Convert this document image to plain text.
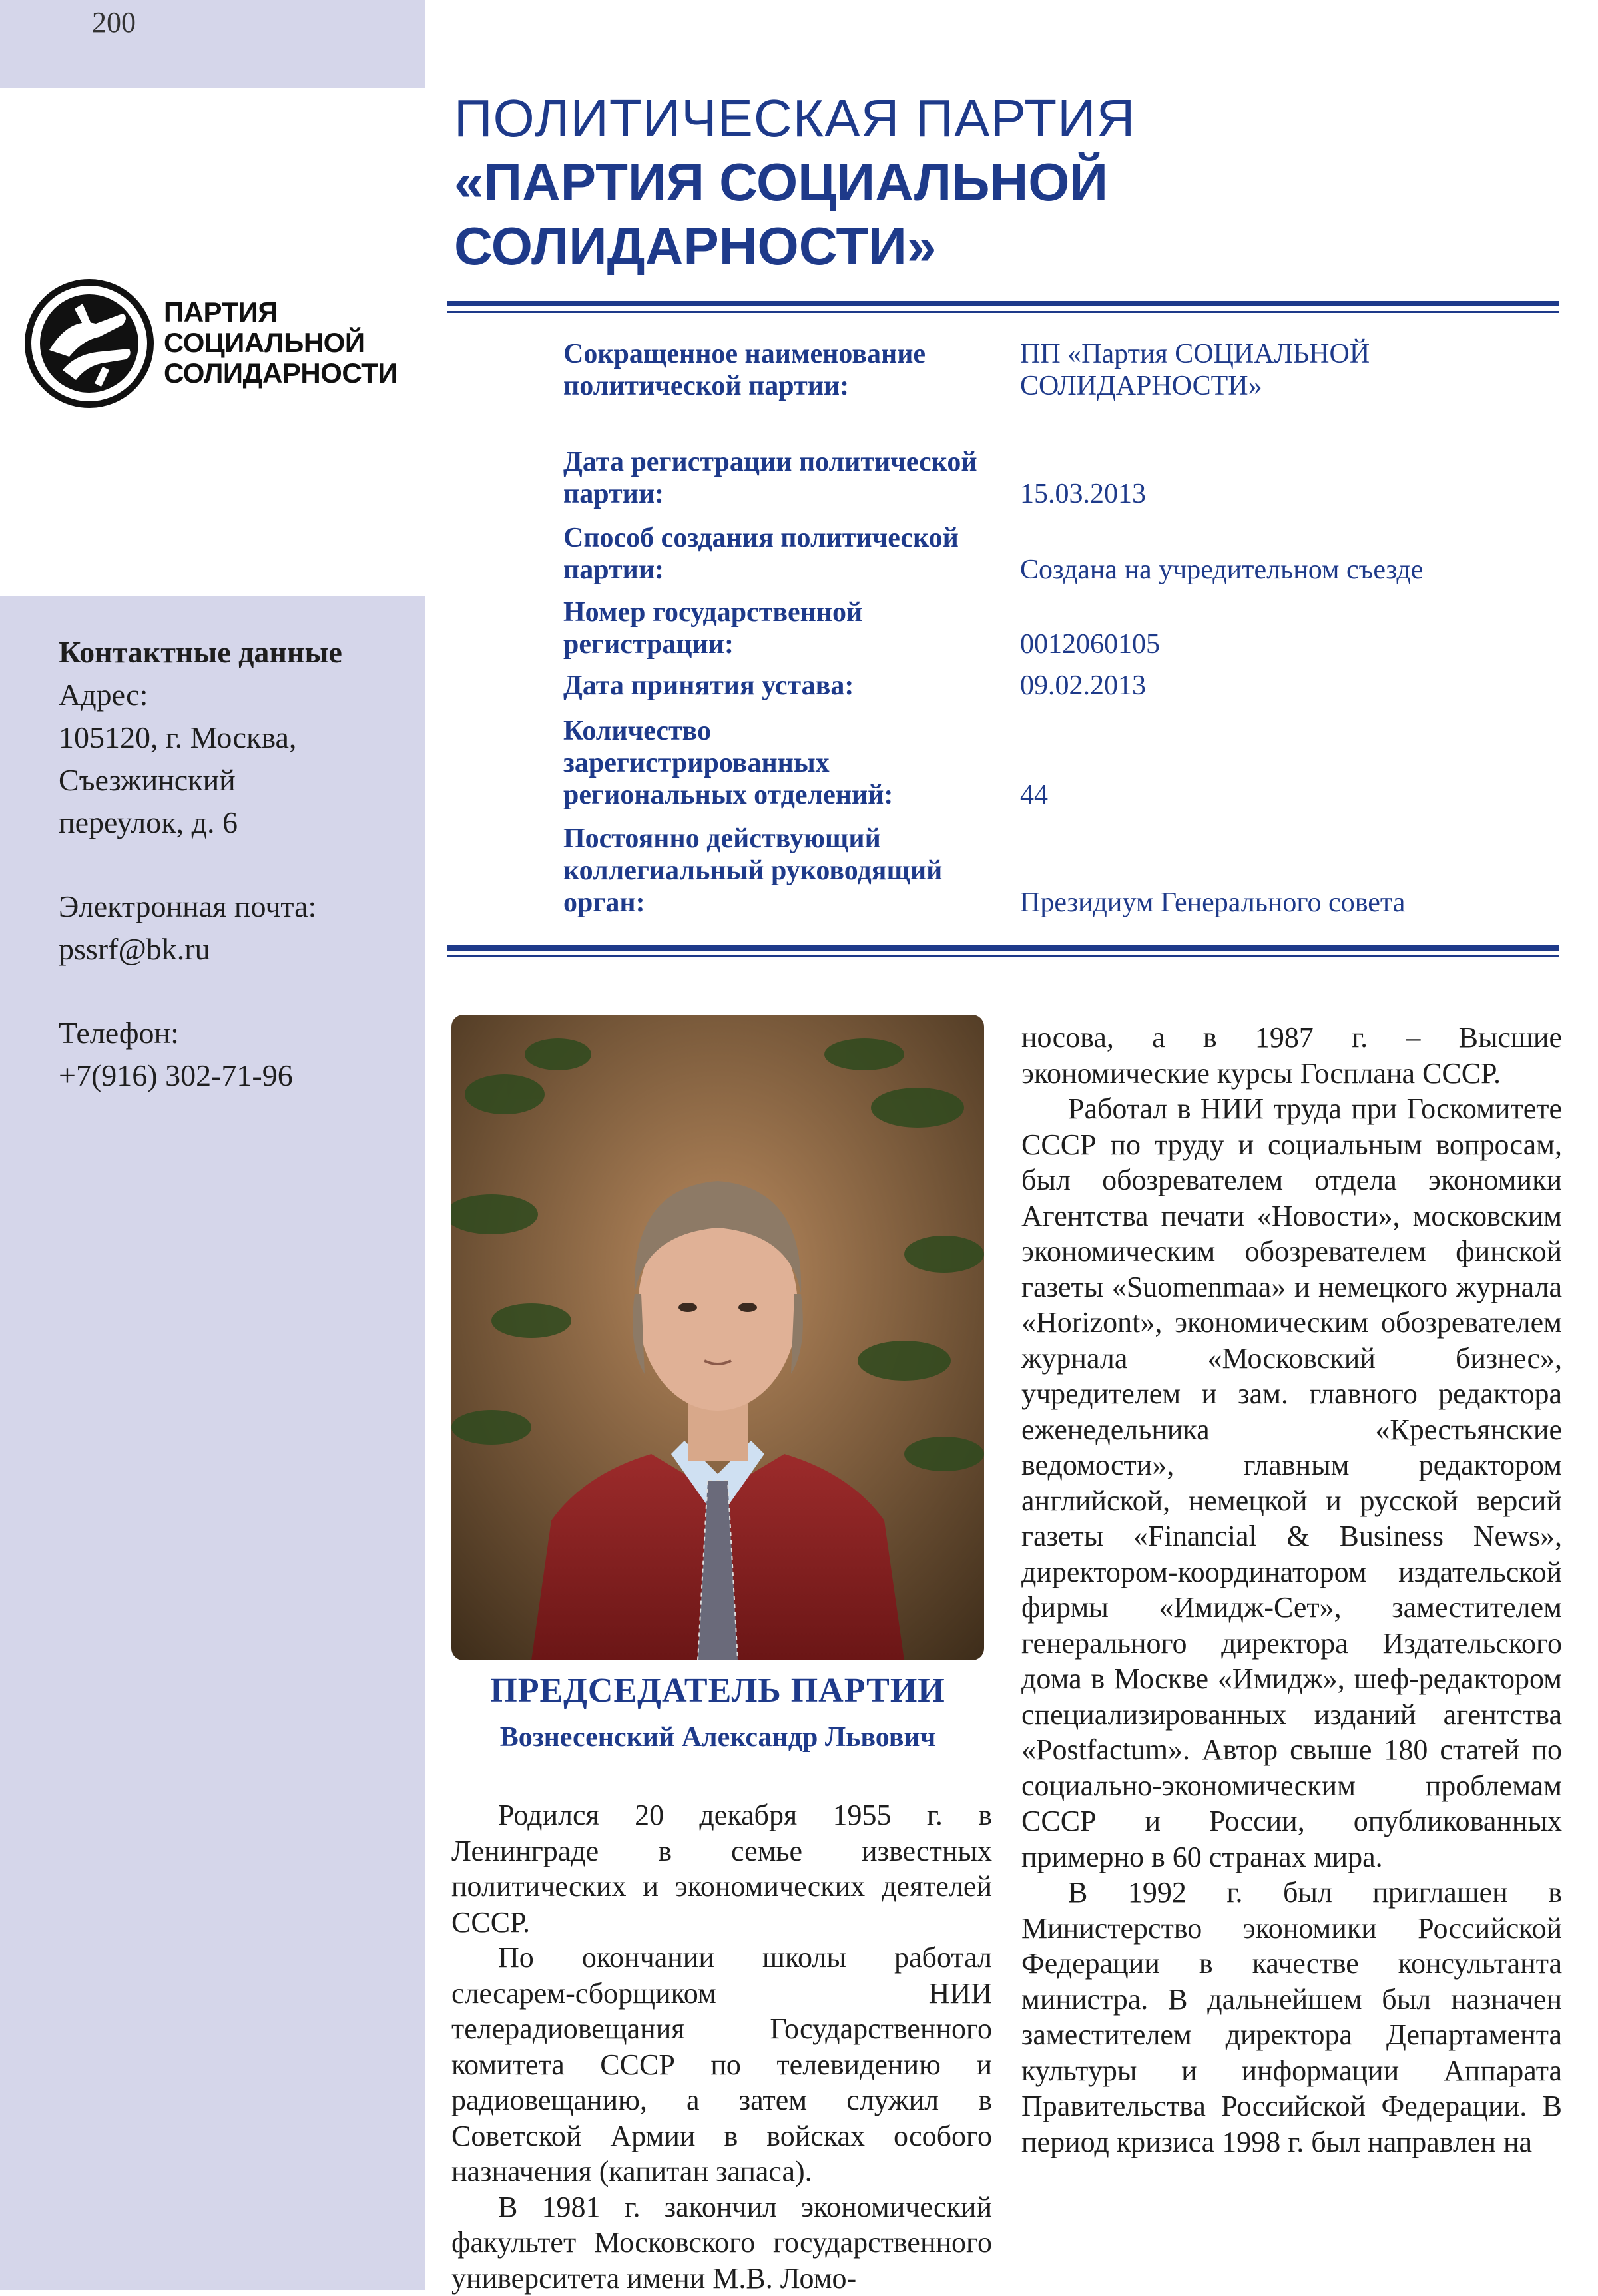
200
ПАРТИЯ
СОЦИАЛЬНОЙ
СОЛИДАРНОСТИ
ПОЛИТИЧЕСКАЯ ПАРТИЯ
«ПАРТИЯ СОЦИАЛЬНОЙ
СОЛИДАРНОСТИ»
Сокращенное наименование политической партии:
ПП «Партия СОЦИАЛЬНОЙ СОЛИДАРНОСТИ»
Дата регистрации политической партии:	15.03.2013
Способ создания политической партии:	Создана на учредительном съезде
Номер государственной регистрации:	0012060105
Дата принятия устава:	09.02.2013
Количество зарегистрированных региональных отделений:	44
Постоянно действующий коллегиальный руководящий орган:	Президиум Генерального совета
Контактные данные
Адрес:
105120, г. Москва,
Съезжинский
переулок, д. 6
Электронная почта:
pssrf@bk.ru
Телефон:
+7(916) 302-71-96
ПРЕДСЕДАТЕЛЬ ПАРТИИ
Вознесенский Александр Львович

Родился 20 декабря 1955 г. в Ленинграде в семье известных политических и экономических деятелей СССР.

По окончании школы работал слесарем-сборщиком НИИ телерадиовещания Государственного комитета СССР по телевидению и радиовещанию, а затем служил в Советской Армии в войсках особого назначения (капитан запаса).

В 1981 г. закончил экономический факультет Московского государственного университета имени М.В. Ломо-

носова, а в 1987 г. – Высшие экономические курсы Госплана СССР.

Работал в НИИ труда при Госкомитете СССР по труду и социальным вопросам, был обозревателем отдела экономики Агентства печати «Новости», московским экономическим обозревателем финской газеты «Suomenmaa» и немецкого журнала «Horizont», экономическим обозревателем журнала «Московский бизнес», учредителем и зам. главного редактора еженедельника «Крестьянские ведомости», главным редактором английской, немецкой и русской версий газеты «Financial & Business News», директором-координатором издательской фирмы «Имидж-Сет», заместителем генерального директора Издательского дома в Москве «Имидж», шеф-редактором специализированных изданий агентства «Postfactum». Автор свыше 180 статей по социально-экономическим проблемам СССР и России, опубликованных примерно в 60 странах мира.

В 1992 г. был приглашен в Министерство экономики Российской Федерации в качестве консультанта министра. В дальнейшем был назначен заместителем директора Департамента культуры и информации Аппарата Правительства Российской Федерации. В период кризиса 1998 г. был направлен на
